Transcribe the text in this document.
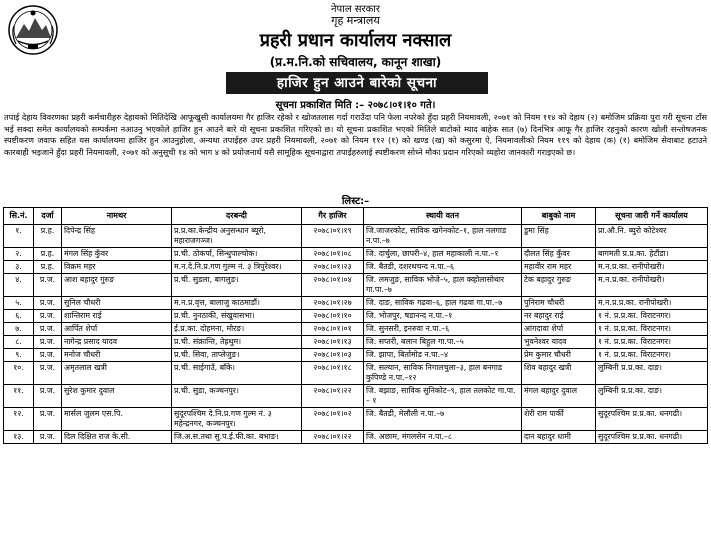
नेपाल सरकार
गृह मन्त्रालय
प्रहरी प्रधान कार्यालय नक्साल
(प्र.म.नि.को सचिवालय, कानून शाखा)
हाजिर हुन आउने बारेको सूचना
सूचना प्रकाशित मिति :– २०७८।०१।१० गते।

तपाई देहाय विवरणका प्रहरी कर्मचारीहरु देहायको मितिदेखि आफूखुसी कार्यालयमा गैर हाजिर रहेको र खोजतलास गर्दा गराउँदा पनि फेला नपरेको हुँदा प्रहरी नियमावली, २०७१ को नियम ११४ को देहाय (२) बमोजिम प्रक्रिया पुरा गरी सूचना टाँस भई सक्दा समेत कार्यालयको सम्पर्कमा नआउनु भएकोले हाजिर हुन आउने बारे यो सूचना प्रकाशित गरिएको छ। यो सूचना प्रकाशित भएको मितिले बाटोको म्याद बाहेक सात (७) दिनभित्र आफू गैर हाजिर रहनुको कारण खोली सन्तोषजनक स्पष्टीकरण जवाफ सहित यस कार्यालयमा हाजिर हुन आउनुहोला, अन्यथा तपाईहरु उपर प्रहरी नियमावली, २०७१ को नियम ११२ (१) को खण्ड (ख) को कसुरमा ऐ, नियमावलीको नियम ११९ को देहाय (क) (१) बमोजिम सेवाबाट हटाउने कारबाही भइजाने हुँदा प्रहरी नियमावली, २०७१ को अनुसूची १४ को भाग ४ को प्रयोजनार्थ यसै सामूहिक सूचनाद्वारा तपाईहरुलाई स्पष्टीकरण सोध्ने मौका प्रदान गरिएको व्यहोरा जानकारी गराइएको छ।

लिस्ट:–
सि.नं.	दर्जा	नामथर	दरबन्दी	गैर हाजिर	स्थायी वतन	बाबुको नाम	सूचना जारी गर्ने कार्यालय
१.	प्र.ह.	दिपेन्द्र सिंह	प्र.प्र.का.केन्द्रीय अनुसन्धान ब्यूरो, महाराजगञ्ज।	२०७८।०१।१९	जि.जाजरकोट, साविक खगेनकोट–१, हाल नलगाड न.पा.–७	डुमा सिंह	प्रा.औ.नि. ब्युरो कोटेश्वर
२.	प्र.ह.	मंगल सिंह कुँवर	प्र.ची. ठोकर्पा, सिन्धुपाल्चोक।	२०७८।०१।०८	जि. दार्चुला, छापरी–४, हाल महाकाली न.पा.–१	दौलत सिंह कुँवर	बागमती प्र.प्र.का. हेटौंडा।
३.	प्र.ह.	विक्रम महर	म.न.दे.नि.प्र.गण गुल्म नं. ३ त्रिपुरेश्वर।	२०७८।०१।२३	जि. बैतडी, दशरथचन्द न.पा.–६	महावीर राम महर	म.न.प्र.का. रानीपोखरी।
४.	प्र.ज.	आश बहादुर गुरुङ	प्र.ची. सुडला, बागलुङ।	२०७८।०१।०४	जि. लमजुङ, साविक भोजे–५, हाल क्व्होलासोथार गा.पा.–७	टेक बहादुर गुरुङ	म.न.प्र.का. रानीपोखरी।
५.	प्र.ज.	सुनिल चौधरी	म.न.प्र.वृत्त, बालाजु काठमाडौं।	२०७८।०१।२७	जि. दाङ, साविक गढवा–६, हाल गढवा गा.पा.–७	पुनिराम चौधरी	म.न.प्र.प्र.का. रानीपोखरी।
६.	प्र.ज.	शान्तिराम राई	प्र.ची. नुनठाकी, संखुवासभा।	२०७८।०१।१०	जि. भोजपुर, षडानन्द न.पा.–१	नर बहादुर राई	१ नं. प्र.प्र.का. विराटनगर।
७.	प्र.ज.	आर्पित शेर्पा	ई.प्र.का. दोहमना, मोरङ।	२०७८।०१।०१	जि. सुनसरी, इनरुवा न.पा.–६	आंगदावा शेर्पा	१ नं. प्र.प्र.का. विराटनगर।
८.	प्र.ज.	नागेन्द्र प्रसाद यादव	प्र.ची. संक्रान्ति, तेह्रथुम।	२०७८।०१।१३	जि. सप्तरी, बलान बिहुल गा.पा.–५	भुवनेश्वर यादव	१ नं. प्र.प्र.का. विराटनगर।
९.	प्र.ज.	मनोज चौधरी	प्र.ची. सिवा, ताप्लेजुङ।	२०७८।०१।०३	जि. झापा, बिर्तामोड न.पा.–४	प्रेम कुमार चौधरी	१ नं. प्र.प्र.का. विराटनगर।
१०.	प्र.ज.	अमृतलाल खत्री	प्र.ची. साईगाउँ, बाँके।	२०७८।०१।१८	जि. सल्यान, साविक निगालचुला–३, हाल बनगाड कुपिण्डे न.पा.–१२	शिव बहादुर खत्री	लुम्बिनी प्र.प्र.का. दाङ।
११.	प्र.ज.	सुरेश कुमार दुवाल	प्र.ची. सुडा, कञ्चनपुर।	२०७८।०१।२२	जि. बझाङ, साविक सुनिकोट–९, हाल तलकोट गा.पा. – १	मंगल बहादुर दुवाल	लुम्बिनी प्र.प्र.का. दाङ।
१२.	प्र.ज.	मार्सल जुलम एस.पि.	सुदूरपश्चिम दे.नि.प्र.गण गुल्म नं. ३ महेन्द्रनगर, कञ्चनपुर।	२०७८।०१।०२	जि. बैतडी, मेलौली न.पा.–७	शेरी राम पार्की	सुदूरपश्चिम प्र.प्र.का. धनगढी।
१३.	प्र.ज.	दिल दिक्षित राज के.सी.	जि.अ.स.तथा सु.प.ई.फी.का. बभाङ।	२०७८।०१।२२	जि. अछाम, मंगलसेन न.पा.–८	दान बहादुर धामी	सुदूरपश्चिम प्र.प्र.का. धनगढी।
